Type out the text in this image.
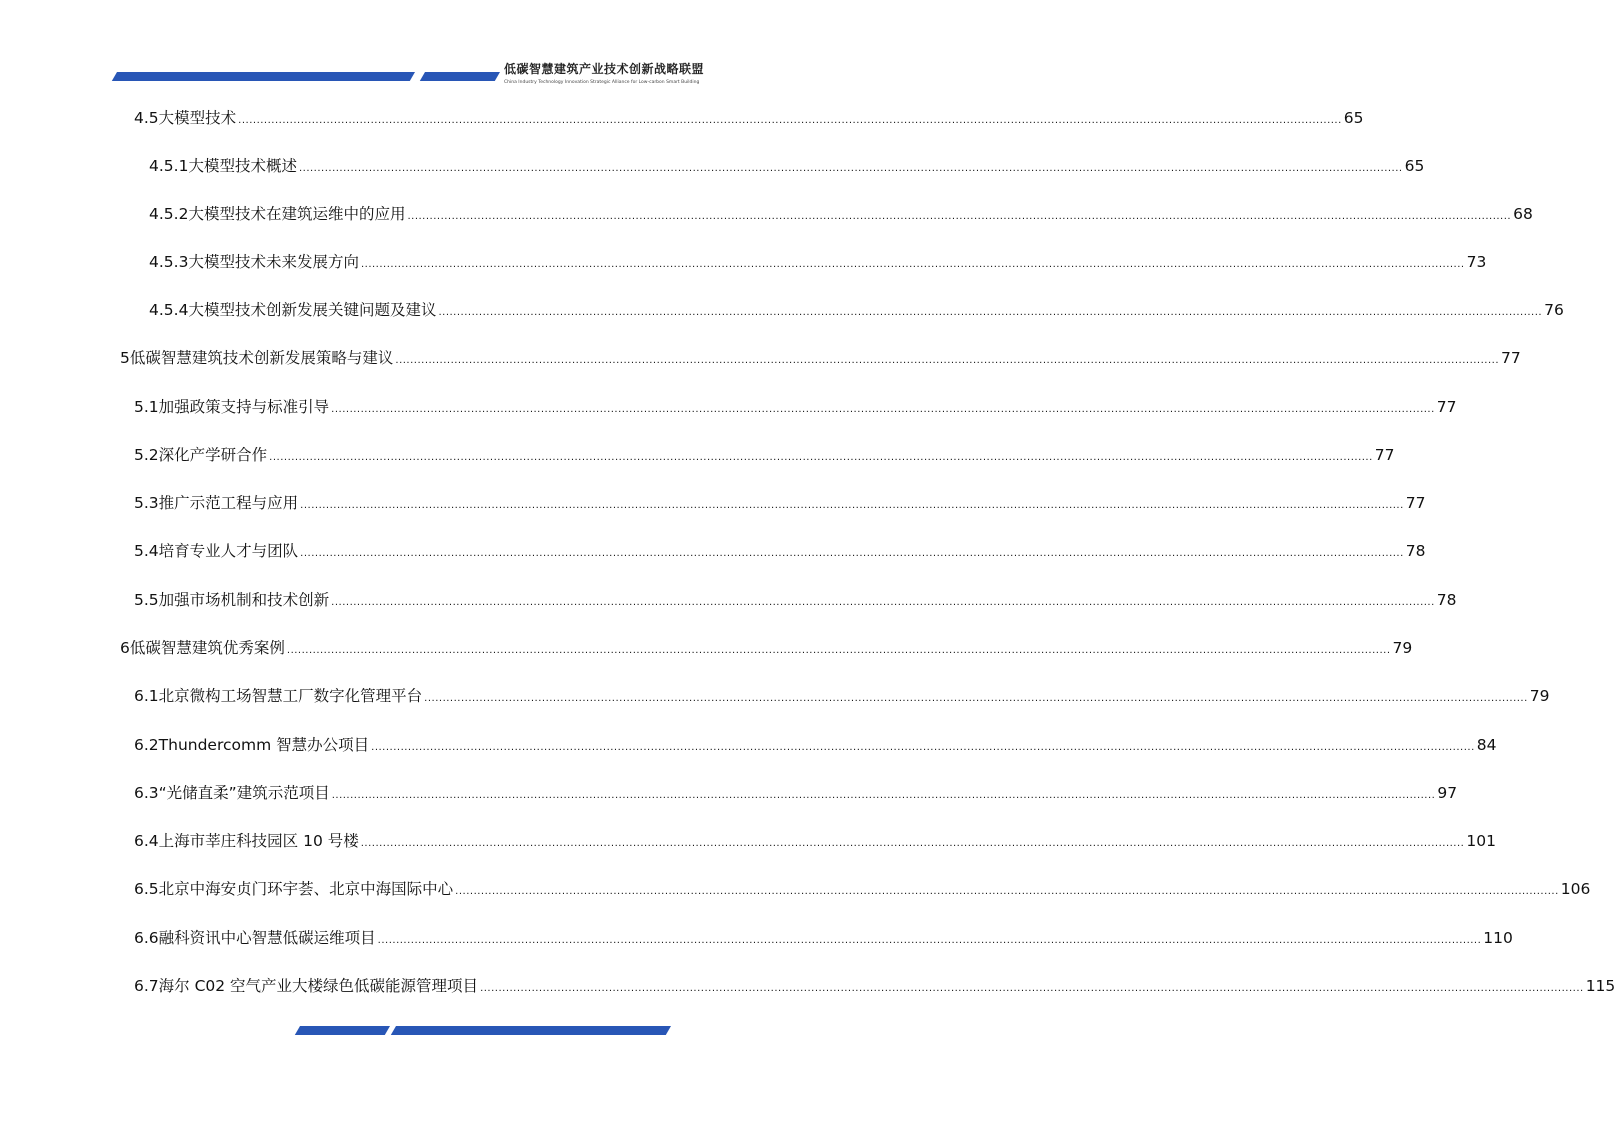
低碳智慧建筑产业技术创新战略联盟
China Industry Technology Innovation Strategic Alliance for Low-carbon Smart Building
4.5 大模型技术 ............................................................................................................................................................................................................................................................................................................ 65
4.5.1 大模型技术概述 ............................................................................................................................................................................................................................................................................................................ 65
4.5.2 大模型技术在建筑运维中的应用 ............................................................................................................................................................................................................................................................................................................ 68
4.5.3 大模型技术未来发展方向 ............................................................................................................................................................................................................................................................................................................ 73
4.5.4 大模型技术创新发展关键问题及建议 ............................................................................................................................................................................................................................................................................................................ 76
5 低碳智慧建筑技术创新发展策略与建议 ............................................................................................................................................................................................................................................................................................................ 77
5.1 加强政策支持与标准引导 ............................................................................................................................................................................................................................................................................................................ 77
5.2 深化产学研合作 ............................................................................................................................................................................................................................................................................................................ 77
5.3 推广示范工程与应用 ............................................................................................................................................................................................................................................................................................................ 77
5.4 培育专业人才与团队 ............................................................................................................................................................................................................................................................................................................ 78
5.5 加强市场机制和技术创新 ............................................................................................................................................................................................................................................................................................................ 78
6 低碳智慧建筑优秀案例 ............................................................................................................................................................................................................................................................................................................ 79
6.1 北京微构工场智慧工厂数字化管理平台 ............................................................................................................................................................................................................................................................................................................ 79
6.2 Thundercomm 智慧办公项目 ............................................................................................................................................................................................................................................................................................................ 84
6.3 “光储直柔”建筑示范项目 ............................................................................................................................................................................................................................................................................................................ 97
6.4 上海市莘庄科技园区 10 号楼 ............................................................................................................................................................................................................................................................................................................ 101
6.5 北京中海安贞门环宇荟、北京中海国际中心 ............................................................................................................................................................................................................................................................................................................ 106
6.6 融科资讯中心智慧低碳运维项目 ............................................................................................................................................................................................................................................................................................................ 110
6.7 海尔 C02 空气产业大楼绿色低碳能源管理项目 ............................................................................................................................................................................................................................................................................................................ 115
